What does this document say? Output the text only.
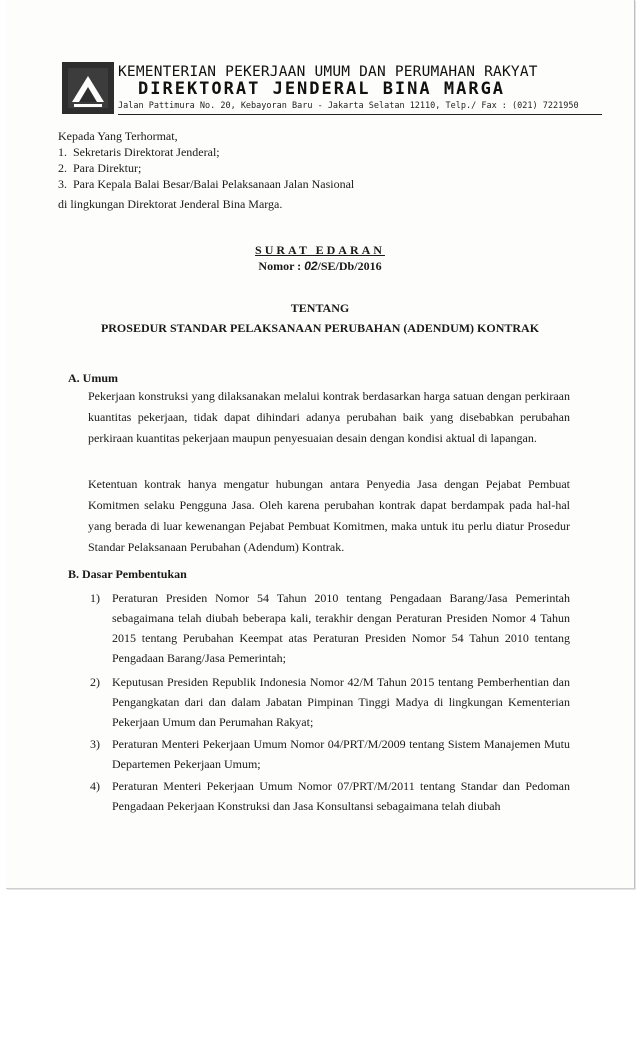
KEMENTERIAN PEKERJAAN UMUM DAN PERUMAHAN RAKYAT
DIREKTORAT JENDERAL BINA MARGA
Jalan Pattimura No. 20, Kebayoran Baru - Jakarta Selatan 12110, Telp./ Fax : (021) 7221950
Kepada Yang Terhormat,
1. Sekretaris Direktorat Jenderal;
2. Para Direktur;
3. Para Kepala Balai Besar/Balai Pelaksanaan Jalan Nasional
di lingkungan Direktorat Jenderal Bina Marga.
SURAT EDARAN
Nomor : 02/SE/Db/2016
TENTANG
PROSEDUR STANDAR PELAKSANAAN PERUBAHAN (ADENDUM) KONTRAK
A. Umum
Pekerjaan konstruksi yang dilaksanakan melalui kontrak berdasarkan harga satuan dengan perkiraan kuantitas pekerjaan, tidak dapat dihindari adanya perubahan baik yang disebabkan perubahan perkiraan kuantitas pekerjaan maupun penyesuaian desain dengan kondisi aktual di lapangan.
Ketentuan kontrak hanya mengatur hubungan antara Penyedia Jasa dengan Pejabat Pembuat Komitmen selaku Pengguna Jasa. Oleh karena perubahan kontrak dapat berdampak pada hal-hal yang berada di luar kewenangan Pejabat Pembuat Komitmen, maka untuk itu perlu diatur Prosedur Standar Pelaksanaan Perubahan (Adendum) Kontrak.
B. Dasar Pembentukan
1) Peraturan Presiden Nomor 54 Tahun 2010 tentang Pengadaan Barang/Jasa Pemerintah sebagaimana telah diubah beberapa kali, terakhir dengan Peraturan Presiden Nomor 4 Tahun 2015 tentang Perubahan Keempat atas Peraturan Presiden Nomor 54 Tahun 2010 tentang Pengadaan Barang/Jasa Pemerintah;
2) Keputusan Presiden Republik Indonesia Nomor 42/M Tahun 2015 tentang Pemberhentian dan Pengangkatan dari dan dalam Jabatan Pimpinan Tinggi Madya di lingkungan Kementerian Pekerjaan Umum dan Perumahan Rakyat;
3) Peraturan Menteri Pekerjaan Umum Nomor 04/PRT/M/2009 tentang Sistem Manajemen Mutu Departemen Pekerjaan Umum;
4) Peraturan Menteri Pekerjaan Umum Nomor 07/PRT/M/2011 tentang Standar dan Pedoman Pengadaan Pekerjaan Konstruksi dan Jasa Konsultansi sebagaimana telah diubah
